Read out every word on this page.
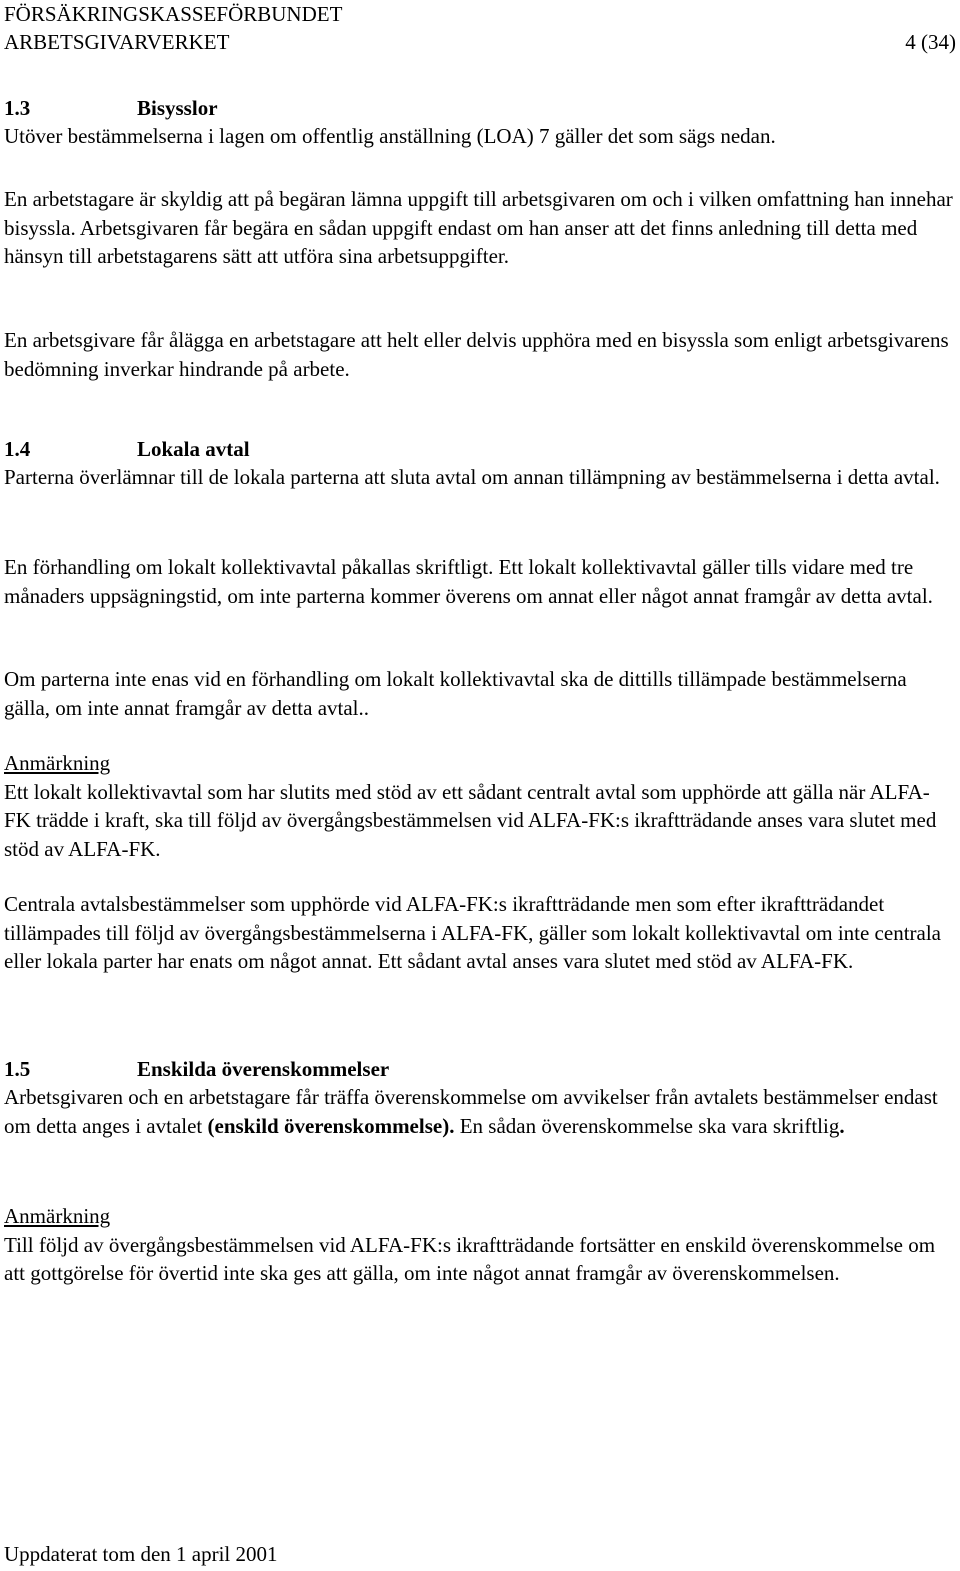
FÖRSÄKRINGSKASSEFÖRBUNDET
ARBETSGIVARVERKET	4 (34)
1.3	Bisysslor

Utöver bestämmelserna i lagen om offentlig anställning (LOA) 7 gäller det som sägs nedan.

En arbetstagare är skyldig att på begäran lämna uppgift till arbetsgivaren om och i vilken omfattning han innehar bisyssla. Arbetsgivaren får begära en sådan uppgift endast om han anser att det finns anledning till detta med hänsyn till arbetstagarens sätt att utföra sina arbetsuppgifter.

En arbetsgivare får ålägga en arbetstagare att helt eller delvis upphöra med en bisyssla som enligt arbetsgivarens bedömning inverkar hindrande på arbete.

1.4	Lokala avtal

Parterna överlämnar till de lokala parterna att sluta avtal om annan tillämpning av bestämmelserna i detta avtal.

En förhandling om lokalt kollektivavtal påkallas skriftligt. Ett lokalt kollektivavtal gäller tills vidare med tre månaders uppsägningstid, om inte parterna kommer överens om annat eller något annat framgår av detta avtal.

Om parterna inte enas vid en förhandling om lokalt kollektivavtal ska de dittills tillämpade bestämmelserna gälla, om inte annat framgår av detta avtal..

Anmärkning

Ett lokalt kollektivavtal som har slutits med stöd av ett sådant centralt avtal som upphörde att gälla när ALFA-FK trädde i kraft, ska till följd av övergångsbestämmelsen vid ALFA-FK:s ikraftträdande anses vara slutet med stöd av ALFA-FK.

Centrala avtalsbestämmelser som upphörde vid ALFA-FK:s ikraftträdande men som efter ikraftträdandet tillämpades till följd av övergångsbestämmelserna i ALFA-FK, gäller som lokalt kollektivavtal om inte centrala eller lokala parter har enats om något annat. Ett sådant avtal anses vara slutet med stöd av ALFA-FK.

1.5	Enskilda överenskommelser

Arbetsgivaren och en arbetstagare får träffa överenskommelse om avvikelser från avtalets bestämmelser endast om detta anges i avtalet (enskild överenskommelse). En sådan överenskommelse ska vara skriftlig.

Anmärkning

Till följd av övergångsbestämmelsen vid ALFA-FK:s ikraftträdande fortsätter en enskild överenskommelse om att gottgörelse för övertid inte ska ges att gälla, om inte något annat framgår av överenskommelsen.

Uppdaterat tom den 1 april 2001
